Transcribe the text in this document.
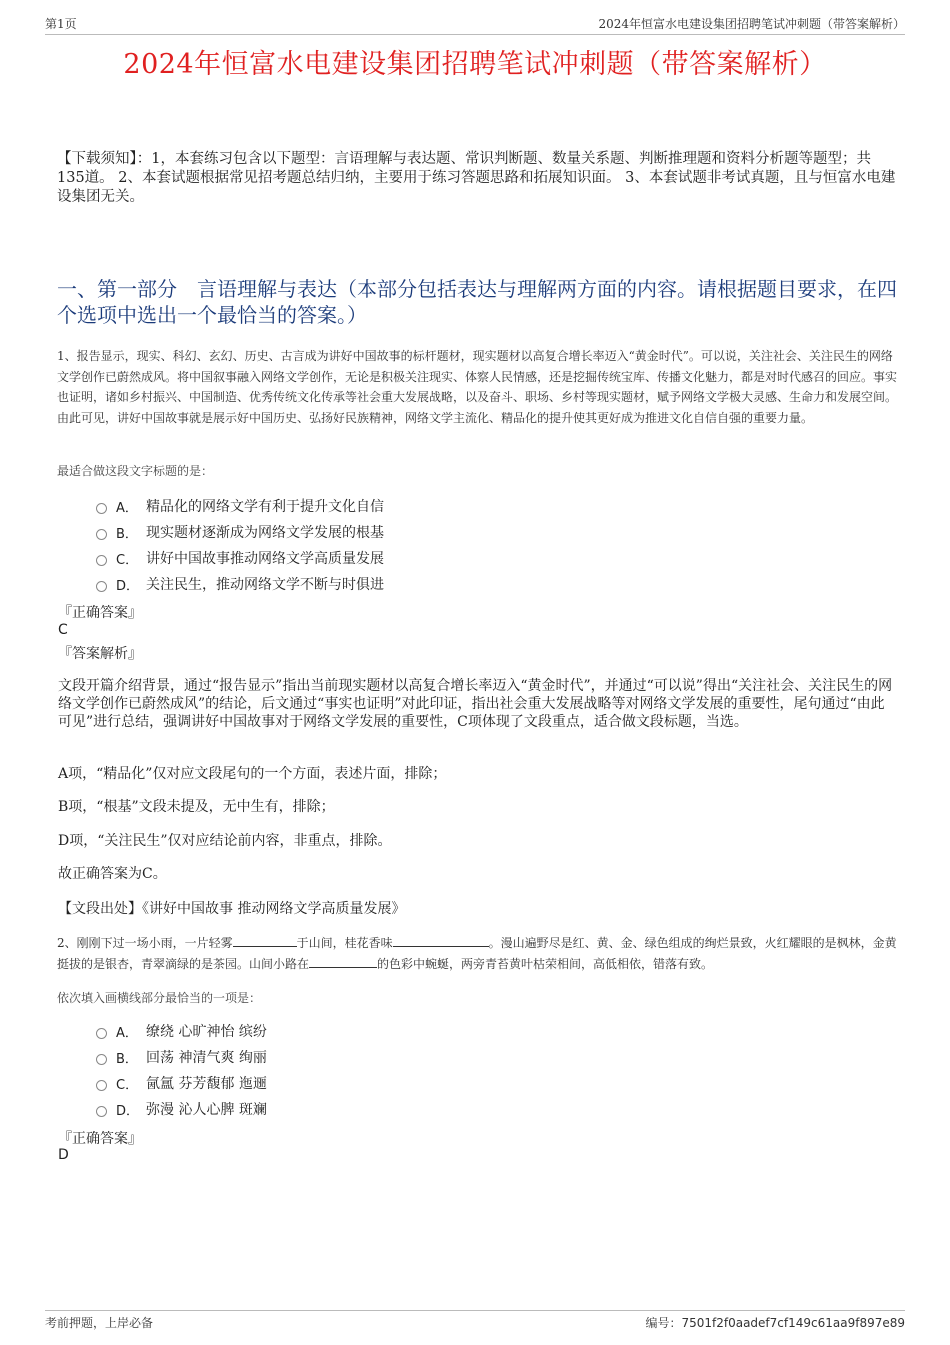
第1页	2024年恒富水电建设集团招聘笔试冲刺题（带答案解析）
2024年恒富水电建设集团招聘笔试冲刺题（带答案解析）
【下载须知】：1，本套练习包含以下题型：言语理解与表达题、常识判断题、数量关系题、判断推理题和资料分析题等题型；共135道。 2、本套试题根据常见招考题总结归纳，主要用于练习答题思路和拓展知识面。 3、本套试题非考试真题，且与恒富水电建设集团无关。
一、第一部分　言语理解与表达（本部分包括表达与理解两方面的内容。请根据题目要求，在四个选项中选出一个最恰当的答案。）
1、报告显示，现实、科幻、玄幻、历史、古言成为讲好中国故事的标杆题材，现实题材以高复合增长率迈入“黄金时代”。可以说，关注社会、关注民生的网络文学创作已蔚然成风。将中国叙事融入网络文学创作，无论是积极关注现实、体察人民情感，还是挖掘传统宝库、传播文化魅力，都是对时代感召的回应。事实也证明，诸如乡村振兴、中国制造、优秀传统文化传承等社会重大发展战略，以及奋斗、职场、乡村等现实题材，赋予网络文学极大灵感、生命力和发展空间。由此可见，讲好中国故事就是展示好中国历史、弘扬好民族精神，网络文学主流化、精品化的提升使其更好成为推进文化自信自强的重要力量。
最适合做这段文字标题的是：
A． 精品化的网络文学有利于提升文化自信
B． 现实题材逐渐成为网络文学发展的根基
C． 讲好中国故事推动网络文学高质量发展
D． 关注民生，推动网络文学不断与时俱进
『正确答案』
C
『答案解析』
文段开篇介绍背景，通过“报告显示”指出当前现实题材以高复合增长率迈入“黄金时代”，并通过“可以说”得出“关注社会、关注民生的网络文学创作已蔚然成风”的结论，后文通过“事实也证明”对此印证，指出社会重大发展战略等对网络文学发展的重要性，尾句通过“由此可见”进行总结，强调讲好中国故事对于网络文学发展的重要性，C项体现了文段重点，适合做文段标题，当选。
A项，“精品化”仅对应文段尾句的一个方面，表述片面，排除；
B项，“根基”文段未提及，无中生有，排除；
D项，“关注民生”仅对应结论前内容，非重点，排除。
故正确答案为C。
【文段出处】《讲好中国故事 推动网络文学高质量发展》
2、刚刚下过一场小雨，一片轻雾	于山间，桂花香味	。漫山遍野尽是红、黄、金、绿色组成的绚烂景致，火红耀眼的是枫林，金黄挺拔的是银杏，青翠滴绿的是茶园。山间小路在	的色彩中蜿蜒，两旁青苔黄叶枯荣相间，高低相依，错落有致。
依次填入画横线部分最恰当的一项是：
A． 缭绕 心旷神怡 缤纷
B． 回荡 神清气爽 绚丽
C． 氤氲 芬芳馥郁 迤逦
D． 弥漫 沁人心脾 斑斓
『正确答案』
D
考前押题，上岸必备	编号：7501f2f0aadef7cf149c61aa9f897e89
